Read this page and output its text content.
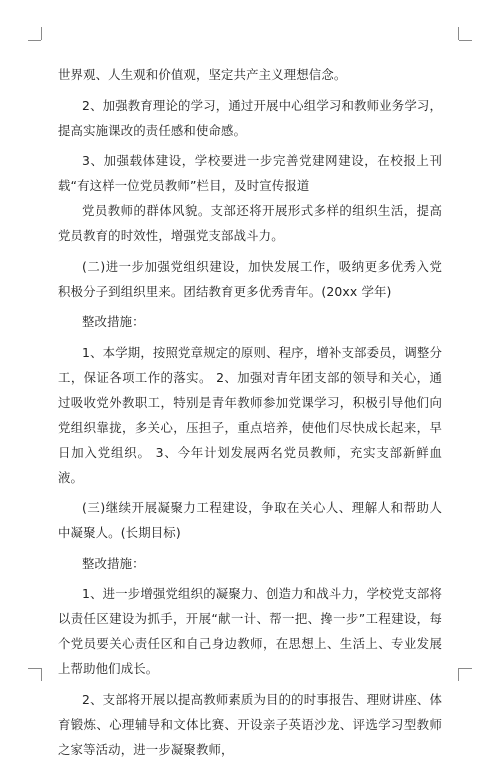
世界观、人生观和价值观，坚定共产主义理想信念。

2、加强教育理论的学习，通过开展中心组学习和教师业务学习，提高实施课改的责任感和使命感。

3、加强载体建设，学校要进一步完善党建网建设，在校报上刊载“有这样一位党员教师”栏目，及时宣传报道

党员教师的群体风貌。支部还将开展形式多样的组织生活，提高党员教育的时效性，增强党支部战斗力。

(二)进一步加强党组织建设，加快发展工作，吸纳更多优秀入党积极分子到组织里来。团结教育更多优秀青年。(20xx 学年)

整改措施：

1、本学期，按照党章规定的原则、程序，增补支部委员，调整分工，保证各项工作的落实。 2、加强对青年团支部的领导和关心，通过吸收党外教职工，特别是青年教师参加党课学习，积极引导他们向党组织靠拢，多关心，压担子，重点培养，使他们尽快成长起来，早日加入党组织。 3、今年计划发展两名党员教师，充实支部新鲜血液。

(三)继续开展凝聚力工程建设，争取在关心人、理解人和帮助人中凝聚人。(长期目标)

整改措施：

1、进一步增强党组织的凝聚力、创造力和战斗力，学校党支部将以责任区建设为抓手，开展“献一计、帮一把、搀一步”工程建设，每个党员要关心责任区和自己身边教师，在思想上、生活上、专业发展上帮助他们成长。

2、支部将开展以提高教师素质为目的的时事报告、理财讲座、体育锻炼、心理辅导和文体比赛、开设亲子英语沙龙、评选学习型教师之家等活动，进一步凝聚教师，
